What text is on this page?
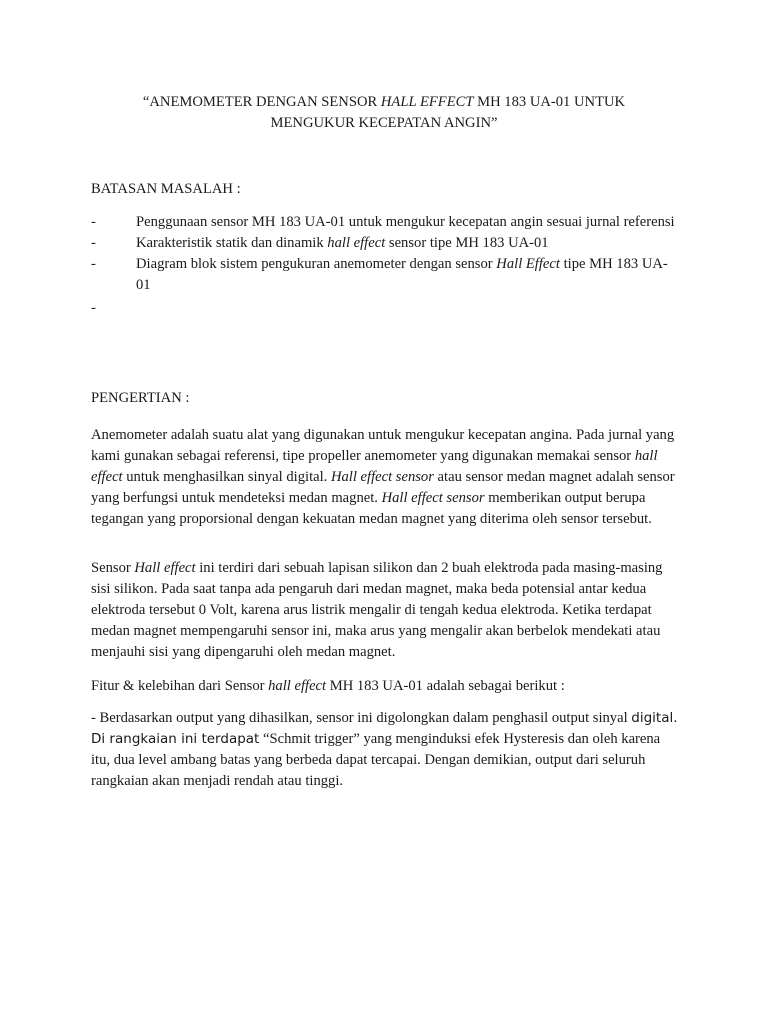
“ANEMOMETER DENGAN SENSOR HALL EFFECT MH 183 UA-01 UNTUK
MENGUKUR KECEPATAN ANGIN”
BATASAN MASALAH :
-	Penggunaan sensor MH 183 UA-01 untuk mengukur kecepatan angin sesuai jurnal referensi
-	Karakteristik statik dan dinamik hall effect sensor tipe MH 183 UA-01
-	Diagram blok sistem pengukuran anemometer dengan sensor Hall Effect tipe MH 183 UA-01
-
PENGERTIAN :

Anemometer adalah suatu alat yang digunakan untuk mengukur kecepatan angina. Pada jurnal yang kami gunakan sebagai referensi, tipe propeller anemometer yang digunakan memakai sensor hall effect untuk menghasilkan sinyal digital. Hall effect sensor atau sensor medan magnet adalah sensor yang berfungsi untuk mendeteksi medan magnet. Hall effect sensor memberikan output berupa tegangan yang proporsional dengan kekuatan medan magnet yang diterima oleh sensor tersebut.

Sensor Hall effect ini terdiri dari sebuah lapisan silikon dan 2 buah elektroda pada masing-masing sisi silikon. Pada saat tanpa ada pengaruh dari medan magnet, maka beda potensial antar kedua elektroda tersebut 0 Volt, karena arus listrik mengalir di tengah kedua elektroda. Ketika terdapat medan magnet mempengaruhi sensor ini, maka arus yang mengalir akan berbelok mendekati atau menjauhi sisi yang dipengaruhi oleh medan magnet.

Fitur & kelebihan dari Sensor hall effect MH 183 UA-01 adalah sebagai berikut :

- Berdasarkan output yang dihasilkan, sensor ini digolongkan dalam penghasil output sinyal digital. Di rangkaian ini terdapat “Schmit trigger” yang menginduksi efek Hysteresis dan oleh karena itu, dua level ambang batas yang berbeda dapat tercapai. Dengan demikian, output dari seluruh rangkaian akan menjadi rendah atau tinggi.
